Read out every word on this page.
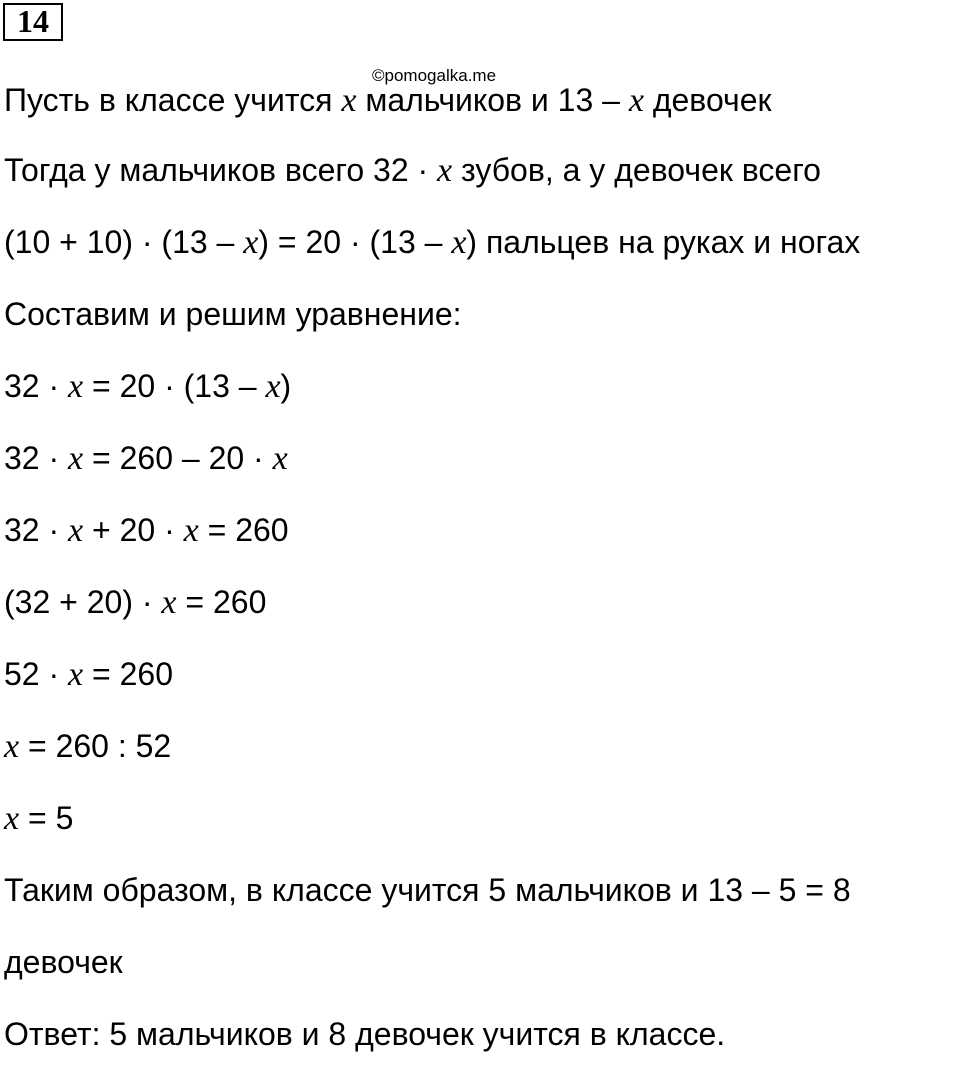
14
©pomogalka.me
Пусть в классе учится x мальчиков и 13 – x девочек
Тогда у мальчиков всего 32 · x зубов, а у девочек всего
(10 + 10) · (13 – x) = 20 · (13 – x) пальцев на руках и ногах
Составим и решим уравнение:
32 · x = 20 · (13 – x)
32 · x = 260 – 20 · x
32 · x + 20 · x = 260
(32 + 20) · x = 260
52 · x = 260
x = 260 : 52
x = 5
Таким образом, в классе учится 5 мальчиков и 13 – 5 = 8
девочек
Ответ: 5 мальчиков и 8 девочек учится в классе.
